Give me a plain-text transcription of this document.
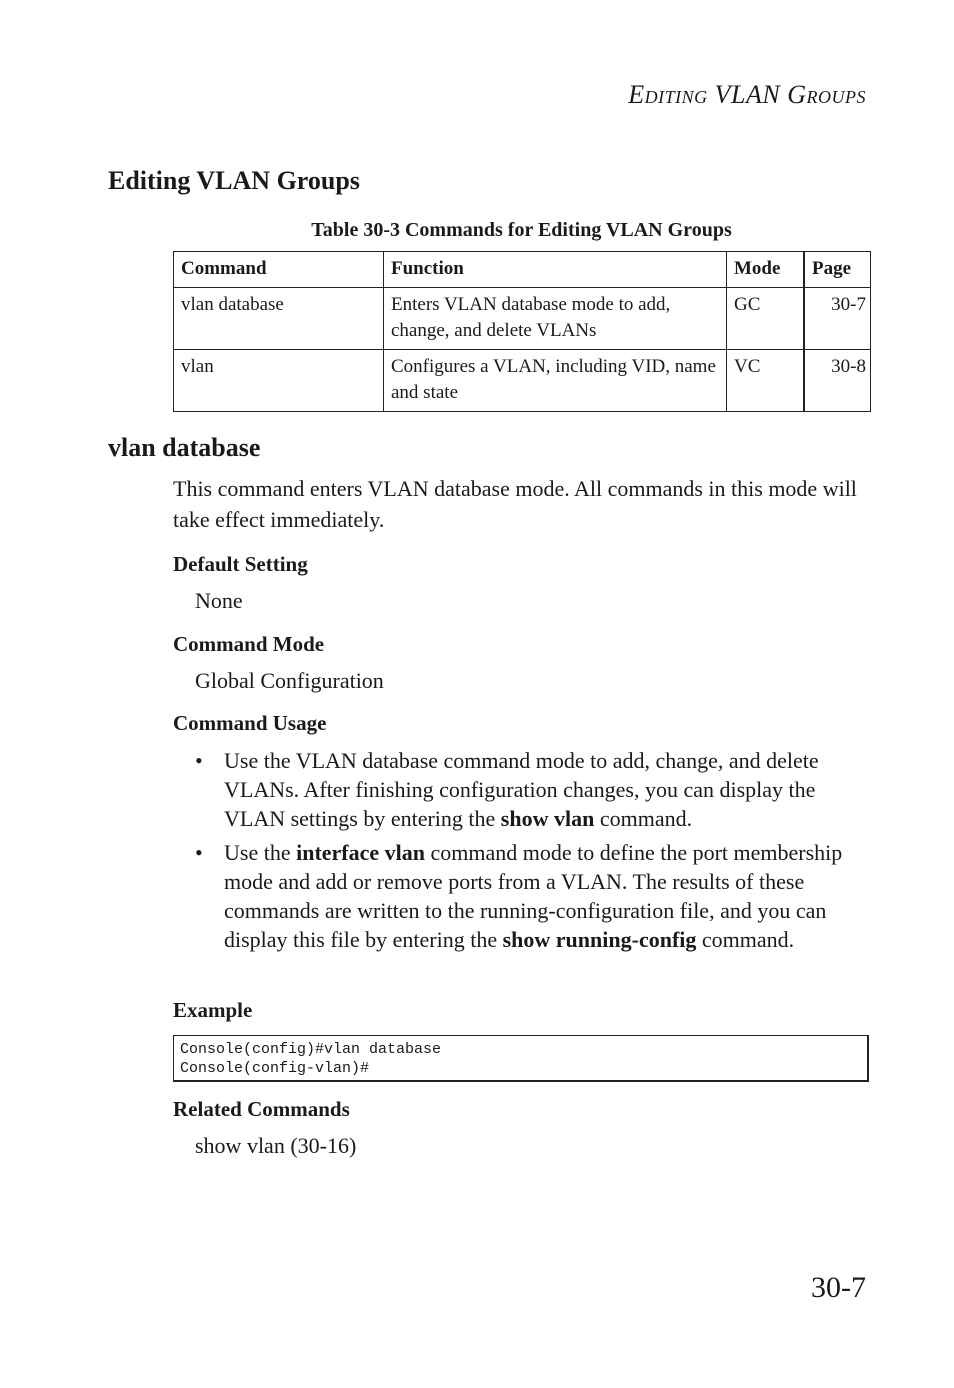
EDITING VLAN GROUPS
Editing VLAN Groups
Table 30-3 Commands for Editing VLAN Groups
Command	Function	Mode	Page
vlan database	Enters VLAN database mode to add, change, and delete VLANs	GC	30-7
vlan	Configures a VLAN, including VID, name and state	VC	30-8
vlan database

This command enters VLAN database mode. All commands in this mode will take effect immediately.

Default Setting

None

Command Mode

Global Configuration

Command Usage
• Use the VLAN database command mode to add, change, and delete VLANs. After finishing configuration changes, you can display the VLAN settings by entering the show vlan command.
• Use the interface vlan command mode to define the port membership mode and add or remove ports from a VLAN. The results of these commands are written to the running-configuration file, and you can display this file by entering the show running-config command.
Example
Console(config)#vlan database
Console(config-vlan)#
Related Commands

show vlan (30-16)

30-7
